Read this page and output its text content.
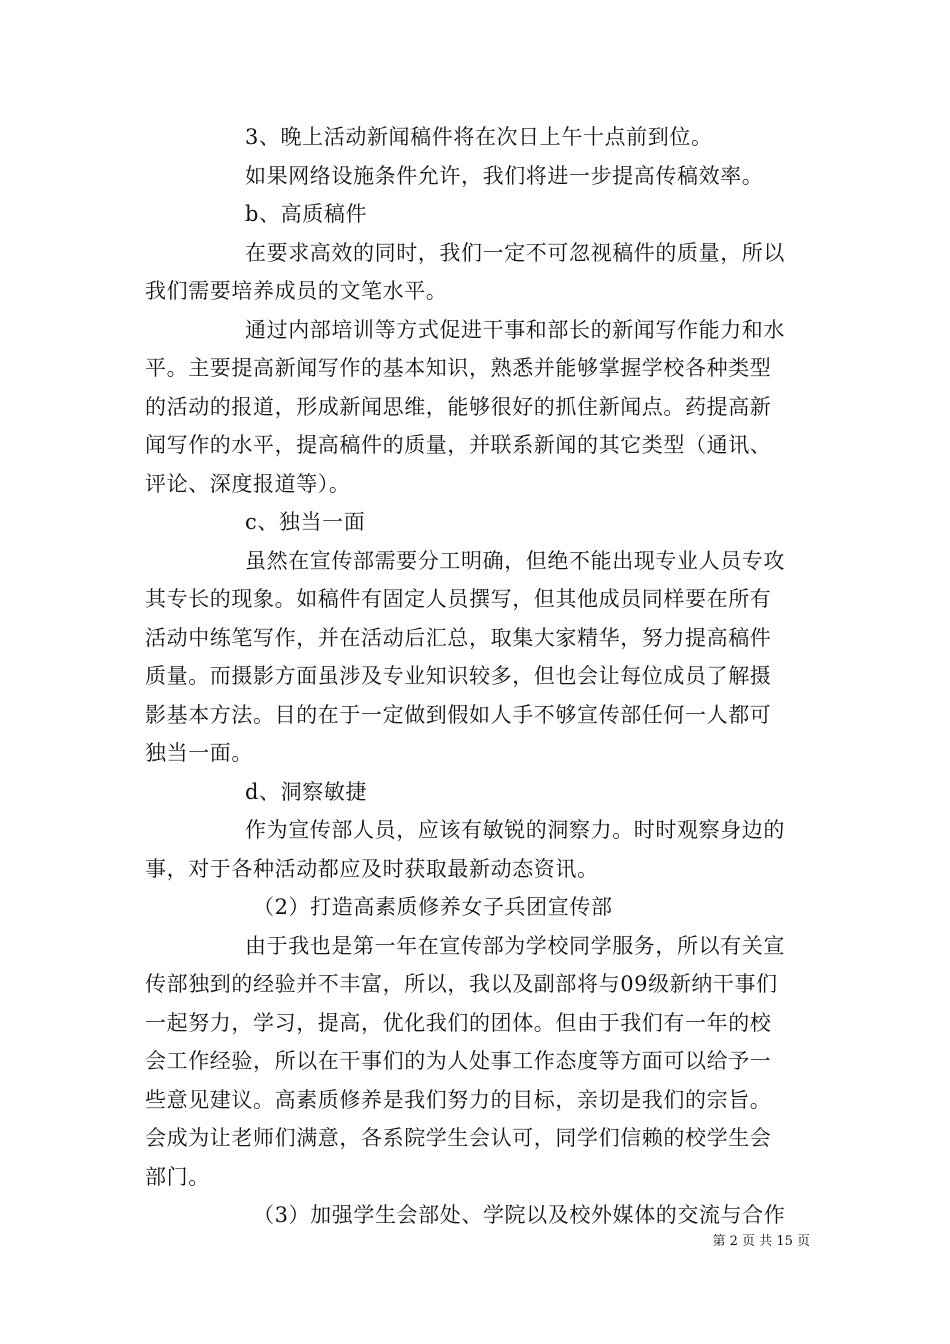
3、晚上活动新闻稿件将在次日上午十点前到位。
如果网络设施条件允许，我们将进一步提高传稿效率。
b、高质稿件
在要求高效的同时，我们一定不可忽视稿件的质量，所以
我们需要培养成员的文笔水平。
通过内部培训等方式促进干事和部长的新闻写作能力和水
平。主要提高新闻写作的基本知识，熟悉并能够掌握学校各种类型
的活动的报道，形成新闻思维，能够很好的抓住新闻点。药提高新
闻写作的水平，提高稿件的质量，并联系新闻的其它类型（通讯、
评论、深度报道等）。
c、独当一面
虽然在宣传部需要分工明确，但绝不能出现专业人员专攻
其专长的现象。如稿件有固定人员撰写，但其他成员同样要在所有
活动中练笔写作，并在活动后汇总，取集大家精华，努力提高稿件
质量。而摄影方面虽涉及专业知识较多，但也会让每位成员了解摄
影基本方法。目的在于一定做到假如人手不够宣传部任何一人都可
独当一面。
d、洞察敏捷
作为宣传部人员，应该有敏锐的洞察力。时时观察身边的
事，对于各种活动都应及时获取最新动态资讯。
（2）打造高素质修养女子兵团宣传部
由于我也是第一年在宣传部为学校同学服务，所以有关宣
传部独到的经验并不丰富，所以，我以及副部将与09级新纳干事们
一起努力，学习，提高，优化我们的团体。但由于我们有一年的校
会工作经验，所以在干事们的为人处事工作态度等方面可以给予一
些意见建议。高素质修养是我们努力的目标，亲切是我们的宗旨。
会成为让老师们满意，各系院学生会认可，同学们信赖的校学生会
部门。
（3）加强学生会部处、学院以及校外媒体的交流与合作
第 2 页 共 15 页
